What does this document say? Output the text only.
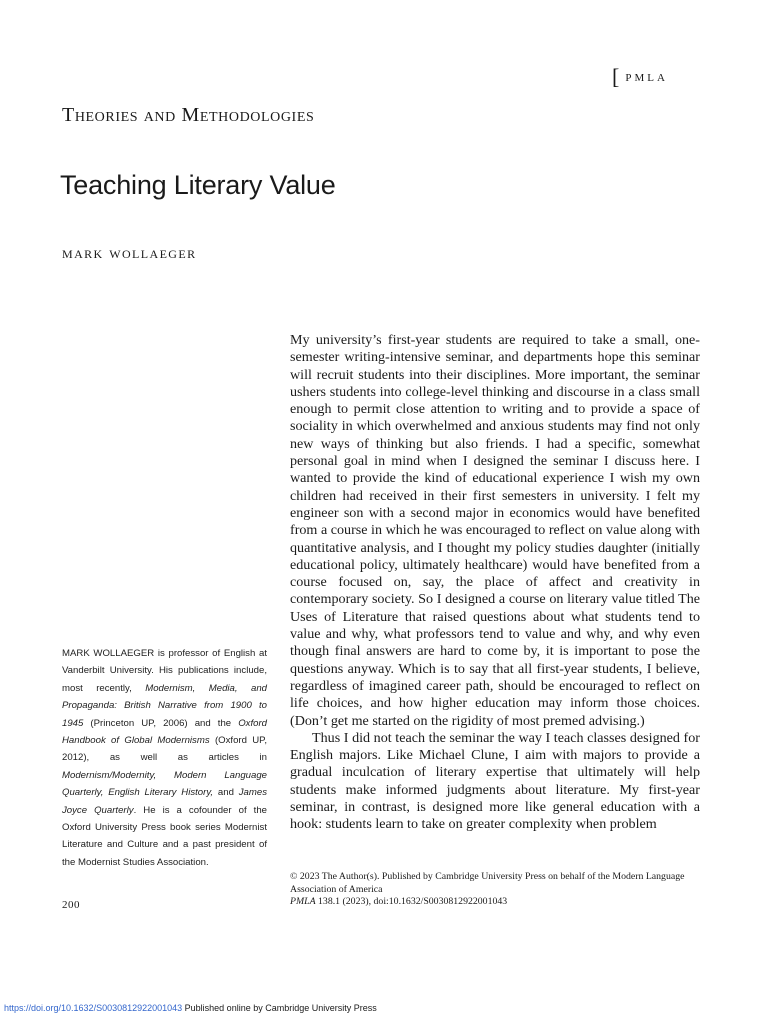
[ PMLA
Theories and Methodologies
Teaching Literary Value
mark wollaeger

My university’s first-year students are required to take a small, one-semester writing-intensive seminar, and departments hope this seminar will recruit students into their disciplines. More important, the seminar ushers students into college-level thinking and discourse in a class small enough to permit close attention to writing and to provide a space of sociality in which overwhelmed and anxious students may find not only new ways of thinking but also friends. I had a specific, somewhat personal goal in mind when I designed the seminar I discuss here. I wanted to provide the kind of educational experience I wish my own children had received in their first semesters in university. I felt my engineer son with a second major in economics would have benefited from a course in which he was encouraged to reflect on value along with quantitative analysis, and I thought my policy studies daughter (initially educational policy, ultimately healthcare) would have benefited from a course focused on, say, the place of affect and creativity in contemporary society. So I designed a course on literary value titled The Uses of Literature that raised questions about what students tend to value and why, what professors tend to value and why, and why even though final answers are hard to come by, it is important to pose the questions anyway. Which is to say that all first-year students, I believe, regardless of imagined career path, should be encouraged to reflect on life choices, and how higher education may inform those choices. (Don’t get me started on the rigidity of most premed advising.)

Thus I did not teach the seminar the way I teach classes designed for English majors. Like Michael Clune, I aim with majors to provide a gradual inculcation of literary expertise that ultimately will help students make informed judgments about literature. My first-year seminar, in contrast, is designed more like general education with a hook: students learn to take on greater complexity when problem

MARK WOLLAEGER is professor of English at Vanderbilt University. His publications include, most recently, Modernism, Media, and Propaganda: British Narrative from 1900 to 1945 (Princeton UP, 2006) and the Oxford Handbook of Global Modernisms (Oxford UP, 2012), as well as articles in Modernism/Modernity, Modern Language Quarterly, English Literary History, and James Joyce Quarterly. He is a cofounder of the Oxford University Press book series Modernist Literature and Culture and a past president of the Modernist Studies Association.
© 2023 The Author(s). Published by Cambridge University Press on behalf of the Modern Language Association of America
PMLA 138.1 (2023), doi:10.1632/S0030812922001043
200
https://doi.org/10.1632/S0030812922001043 Published online by Cambridge University Press
